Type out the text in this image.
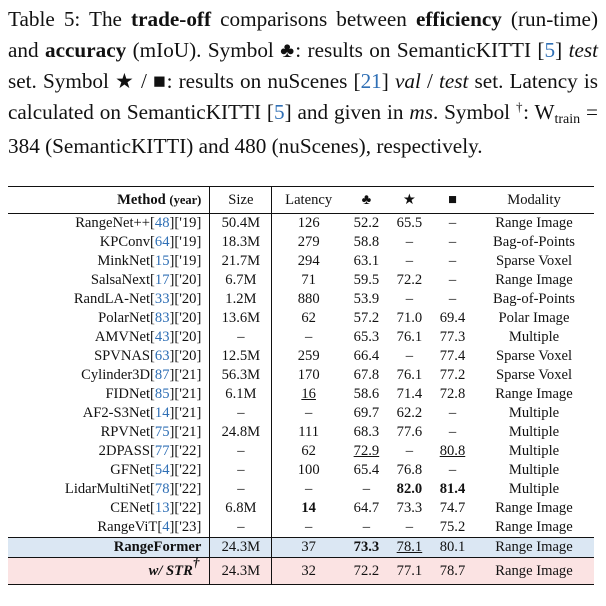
Table 5: The trade-off comparisons between efficiency (run-time) and accuracy (mIoU). Symbol ♣: results on SemanticKITTI [5] test set. Symbol ★ / ■: results on nuScenes [21] val / test set. Latency is calculated on SemanticKITTI [5] and given in ms. Symbol †: Wtrain = 384 (SemanticKITTI) and 480 (nuScenes), respectively.
Method (year)	Size	Latency	♣	★	■	Modality
RangeNet++[48]['19]	50.4M	126	52.2	65.5	–	Range Image
KPConv[64]['19]	18.3M	279	58.8	–	–	Bag-of-Points
MinkNet[15]['19]	21.7M	294	63.1	–	–	Sparse Voxel
SalsaNext[17]['20]	6.7M	71	59.5	72.2	–	Range Image
RandLA-Net[33]['20]	1.2M	880	53.9	–	–	Bag-of-Points
PolarNet[83]['20]	13.6M	62	57.2	71.0	69.4	Polar Image
AMVNet[43]['20]	–	–	65.3	76.1	77.3	Multiple
SPVNAS[63]['20]	12.5M	259	66.4	–	77.4	Sparse Voxel
Cylinder3D[87]['21]	56.3M	170	67.8	76.1	77.2	Sparse Voxel
FIDNet[85]['21]	6.1M	16	58.6	71.4	72.8	Range Image
AF2-S3Net[14]['21]	–	–	69.7	62.2	–	Multiple
RPVNet[75]['21]	24.8M	111	68.3	77.6	–	Multiple
2DPASS[77]['22]	–	62	72.9	–	80.8	Multiple
GFNet[54]['22]	–	100	65.4	76.8	–	Multiple
LidarMultiNet[78]['22]	–	–	–	82.0	81.4	Multiple
CENet[13]['22]	6.8M	14	64.7	73.3	74.7	Range Image
RangeViT[4]['23]	–	–	–	–	75.2	Range Image
RangeFormer	24.3M	37	73.3	78.1	80.1	Range Image
w/ STR†	24.3M	32	72.2	77.1	78.7	Range Image
